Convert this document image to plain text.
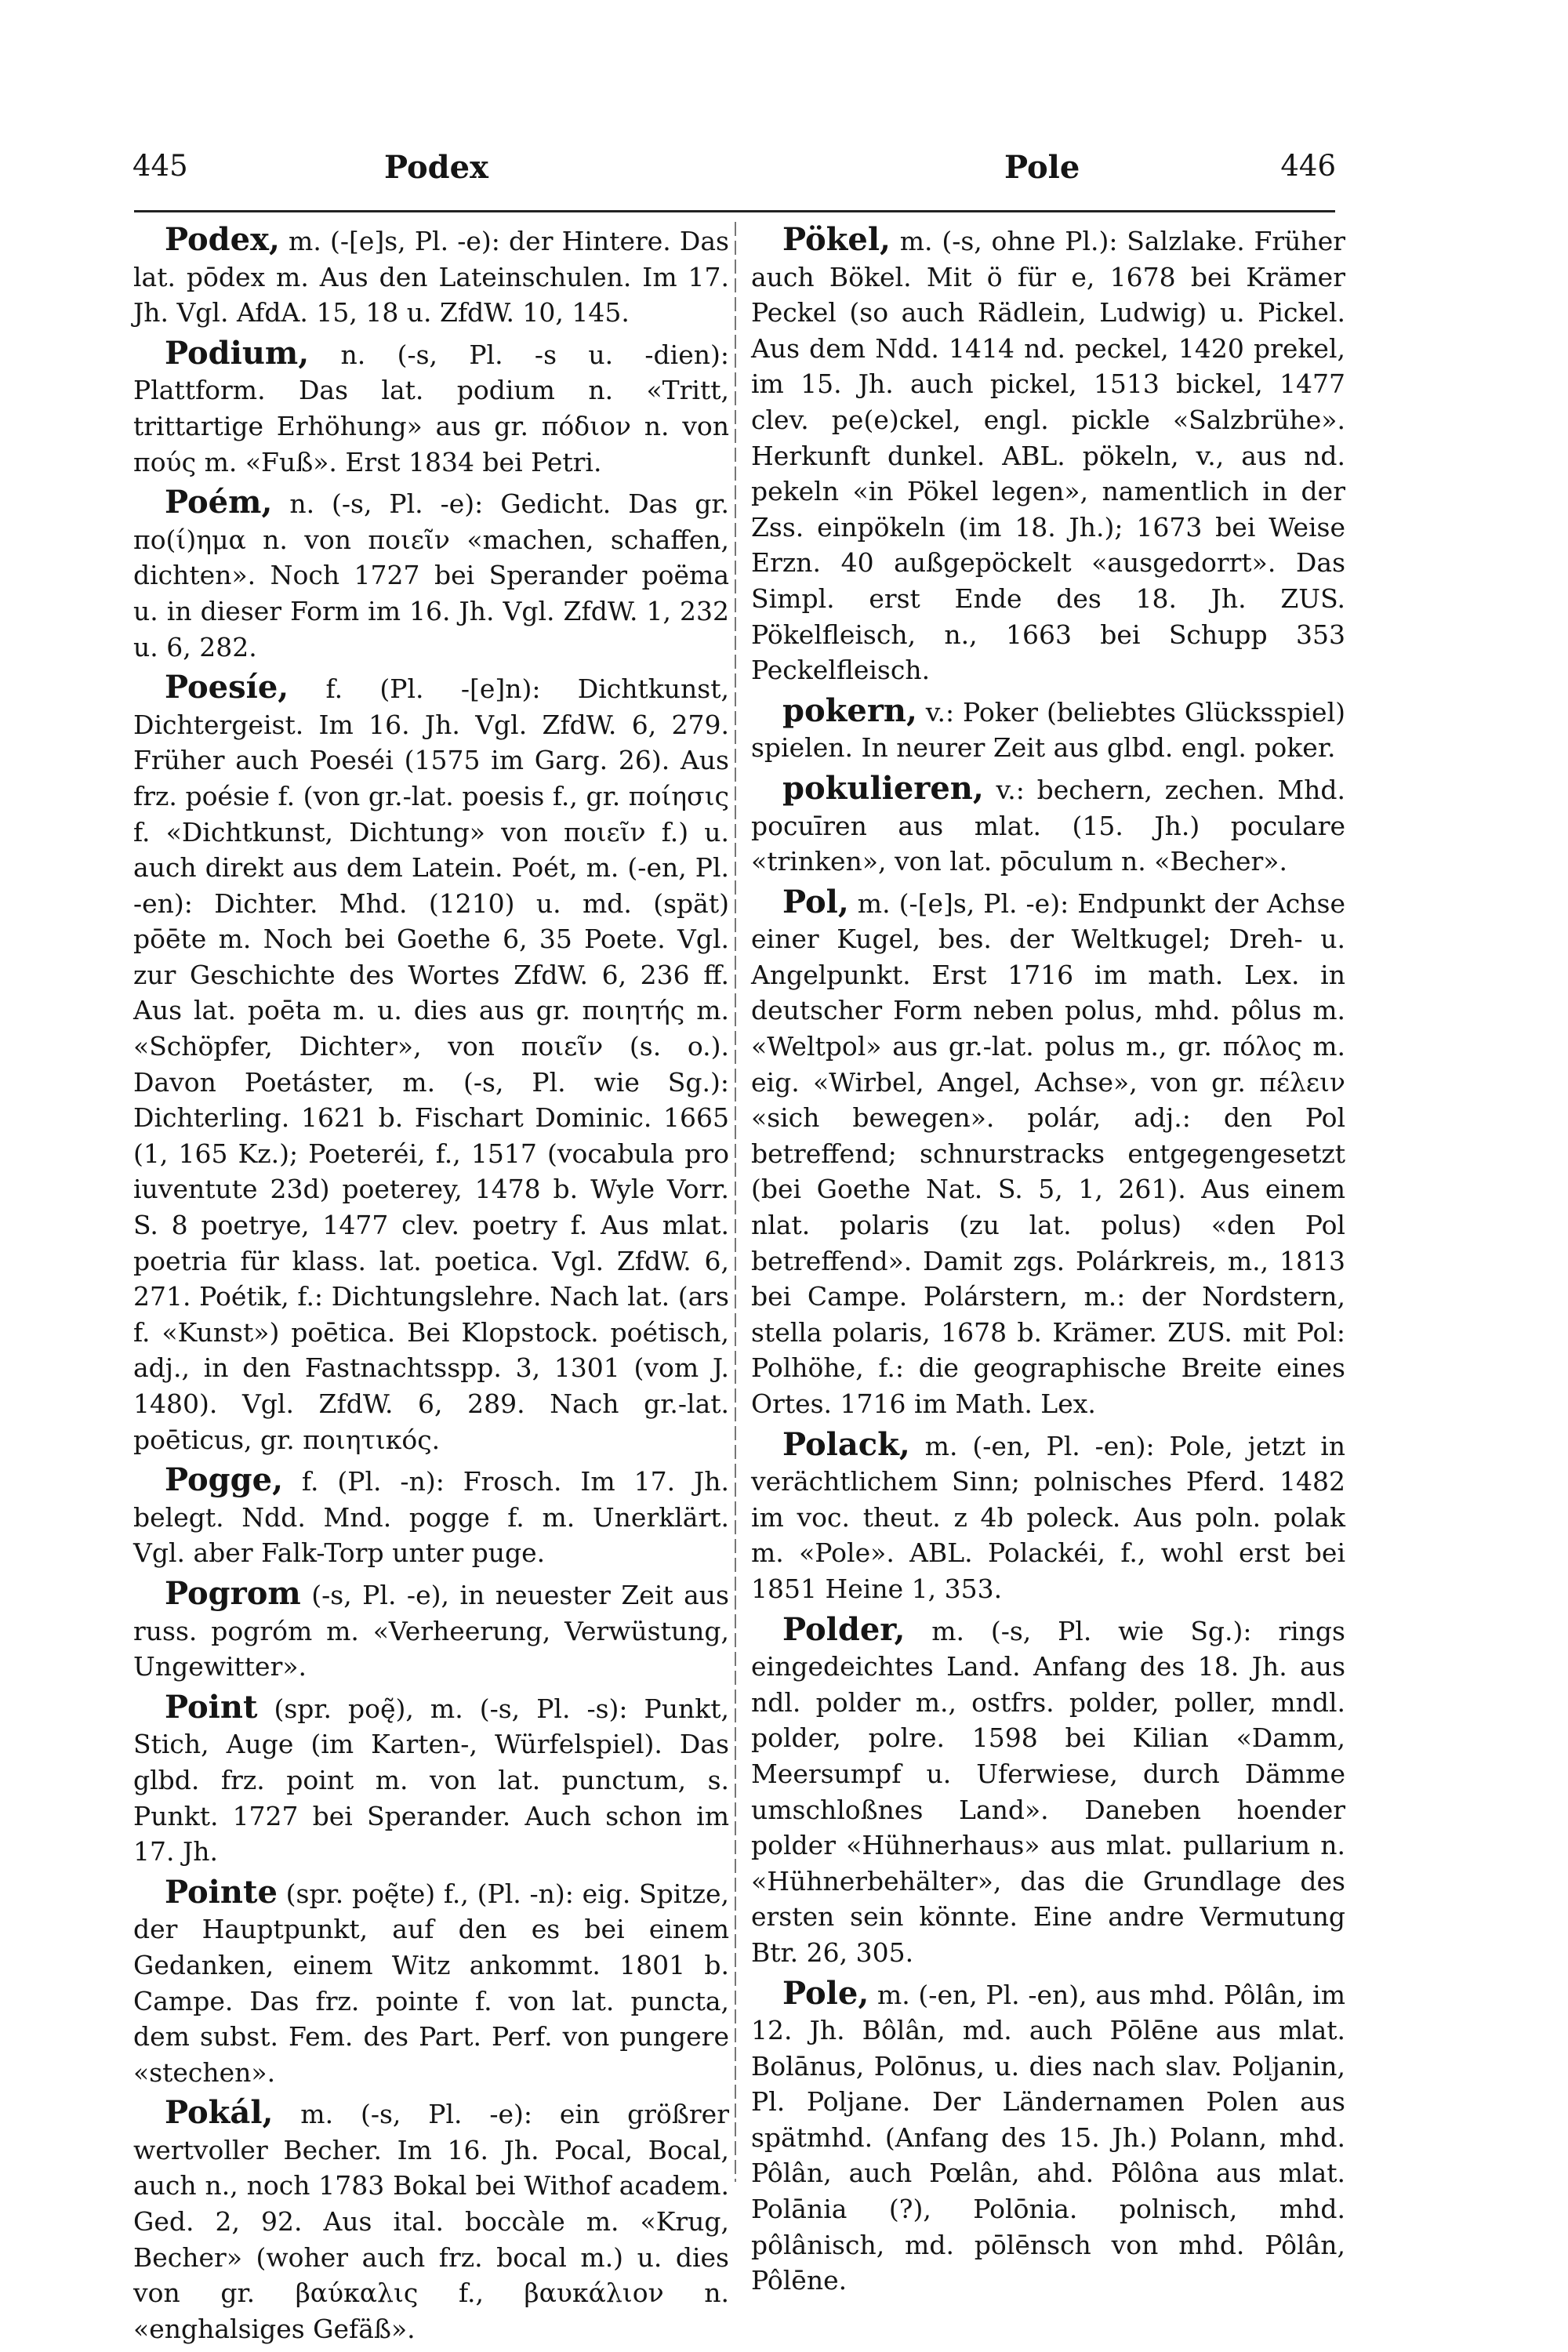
445	Podex	Pole	446

Podex, m. (-[e]s, Pl. -e): der Hintere. Das lat. pōdex m. Aus den Lateinschulen. Im 17. Jh. Vgl. AfdA. 15, 18 u. ZfdW. 10, 145.

Podium, n. (-s, Pl. -s u. -dien): Plattform. Das lat. podium n. «Tritt, trittartige Erhöhung» aus gr. πόδιον n. von πούς m. «Fuß». Erst 1834 bei Petri.

Poém, n. (-s, Pl. -e): Gedicht. Das gr. πο(ί)ημα n. von ποιεῖν «machen, schaffen, dichten». Noch 1727 bei Sperander poëma u. in dieser Form im 16. Jh. Vgl. ZfdW. 1, 232 u. 6, 282.

Poesíe, f. (Pl. -[e]n): Dichtkunst, Dichtergeist. Im 16. Jh. Vgl. ZfdW. 6, 279. Früher auch Poeséi (1575 im Garg. 26). Aus frz. poésie f. (von gr.-lat. poesis f., gr. ποίησις f. «Dichtkunst, Dichtung» von ποιεῖν f.) u. auch direkt aus dem Latein. Poét, m. (-en, Pl. -en): Dichter. Mhd. (1210) u. md. (spät) pōēte m. Noch bei Goethe 6, 35 Poete. Vgl. zur Geschichte des Wortes ZfdW. 6, 236 ff. Aus lat. poēta m. u. dies aus gr. ποιητής m. «Schöpfer, Dichter», von ποιεῖν (s. o.). Davon Poetáster, m. (-s, Pl. wie Sg.): Dichterling. 1621 b. Fischart Dominic. 1665 (1, 165 Kz.); Poeteréi, f., 1517 (vocabula pro iuventute 23d) poeterey, 1478 b. Wyle Vorr. S. 8 poetrye, 1477 clev. poetry f. Aus mlat. poetria für klass. lat. poetica. Vgl. ZfdW. 6, 271. Poétik, f.: Dichtungslehre. Nach lat. (ars f. «Kunst») poētica. Bei Klopstock. poétisch, adj., in den Fastnachtsspp. 3, 1301 (vom J. 1480). Vgl. ZfdW. 6, 289. Nach gr.-lat. poēticus, gr. ποιητικός.

Pogge, f. (Pl. -n): Frosch. Im 17. Jh. belegt. Ndd. Mnd. pogge f. m. Unerklärt. Vgl. aber Falk-Torp unter puge.

Pogrom (-s, Pl. -e), in neuester Zeit aus russ. pogróm m. «Verheerung, Verwüstung, Ungewitter».

Point (spr. poę̃), m. (-s, Pl. -s): Punkt, Stich, Auge (im Karten-, Würfelspiel). Das glbd. frz. point m. von lat. punctum, s. Punkt. 1727 bei Sperander. Auch schon im 17. Jh.

Pointe (spr. poę̃te) f., (Pl. -n): eig. Spitze, der Hauptpunkt, auf den es bei einem Gedanken, einem Witz ankommt. 1801 b. Campe. Das frz. pointe f. von lat. puncta, dem subst. Fem. des Part. Perf. von pungere «stechen».

Pokál, m. (-s, Pl. -e): ein größrer wertvoller Becher. Im 16. Jh. Pocal, Bocal, auch n., noch 1783 Bokal bei Withof academ. Ged. 2, 92. Aus ital. boccàle m. «Krug, Becher» (woher auch frz. bocal m.) u. dies von gr. βαύκαλις f., βαυκάλιον n. «enghalsiges Gefäß».

Pökel, m. (-s, ohne Pl.): Salzlake. Früher auch Bökel. Mit ö für e, 1678 bei Krämer Peckel (so auch Rädlein, Ludwig) u. Pickel. Aus dem Ndd. 1414 nd. peckel, 1420 prekel, im 15. Jh. auch pickel, 1513 bickel, 1477 clev. pe(e)ckel, engl. pickle «Salzbrühe». Herkunft dunkel. ABL. pökeln, v., aus nd. pekeln «in Pökel legen», namentlich in der Zss. einpökeln (im 18. Jh.); 1673 bei Weise Erzn. 40 außgepöckelt «ausgedorrt». Das Simpl. erst Ende des 18. Jh. ZUS. Pökelfleisch, n., 1663 bei Schupp 353 Peckelfleisch.

pokern, v.: Poker (beliebtes Glücksspiel) spielen. In neurer Zeit aus glbd. engl. poker.

pokulieren, v.: bechern, zechen. Mhd. pocuīren aus mlat. (15. Jh.) poculare «trinken», von lat. pōculum n. «Becher».

Pol, m. (-[e]s, Pl. -e): Endpunkt der Achse einer Kugel, bes. der Weltkugel; Dreh- u. Angelpunkt. Erst 1716 im math. Lex. in deutscher Form neben polus, mhd. pôlus m. «Weltpol» aus gr.-lat. polus m., gr. πόλος m. eig. «Wirbel, Angel, Achse», von gr. πέλειν «sich bewegen». polár, adj.: den Pol betreffend; schnurstracks entgegengesetzt (bei Goethe Nat. S. 5, 1, 261). Aus einem nlat. polaris (zu lat. polus) «den Pol betreffend». Damit zgs. Polárkreis, m., 1813 bei Campe. Polárstern, m.: der Nordstern, stella polaris, 1678 b. Krämer. ZUS. mit Pol: Polhöhe, f.: die geographische Breite eines Ortes. 1716 im Math. Lex.

Polack, m. (-en, Pl. -en): Pole, jetzt in verächtlichem Sinn; polnisches Pferd. 1482 im voc. theut. z 4b poleck. Aus poln. polak m. «Pole». ABL. Polackéi, f., wohl erst bei 1851 Heine 1, 353.

Polder, m. (-s, Pl. wie Sg.): rings eingedeichtes Land. Anfang des 18. Jh. aus ndl. polder m., ostfrs. polder, poller, mndl. polder, polre. 1598 bei Kilian «Damm, Meersumpf u. Uferwiese, durch Dämme umschloßnes Land». Daneben hoender polder «Hühnerhaus» aus mlat. pullarium n. «Hühnerbehälter», das die Grundlage des ersten sein könnte. Eine andre Vermutung Btr. 26, 305.

Pole, m. (-en, Pl. -en), aus mhd. Pôlân, im 12. Jh. Bôlân, md. auch Pōlēne aus mlat. Bolānus, Polōnus, u. dies nach slav. Poljanin, Pl. Poljane. Der Ländernamen Polen aus spätmhd. (Anfang des 15. Jh.) Polann, mhd. Pôlân, auch Pœlân, ahd. Pôlôna aus mlat. Polānia (?), Polōnia. polnisch, mhd. pôlânisch, md. pōlēnsch von mhd. Pôlân, Pôlēne.
